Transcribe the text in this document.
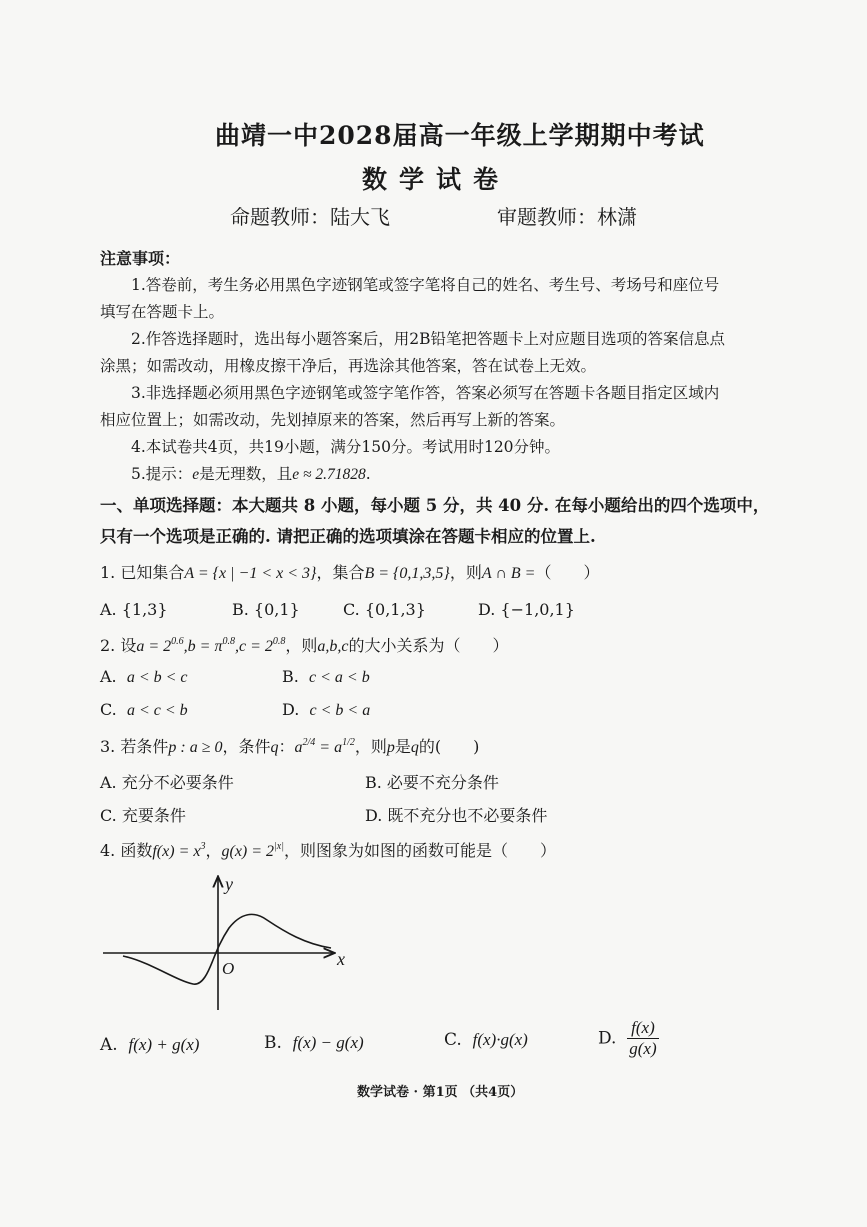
曲靖一中2028届高一年级上学期期中考试
数学试卷
命题教师：陆大飞	审题教师：林潇
注意事项：
1.答卷前，考生务必用黑色字迹钢笔或签字笔将自己的姓名、考生号、考场号和座位号
填写在答题卡上。
2.作答选择题时，选出每小题答案后，用2B铅笔把答题卡上对应题目选项的答案信息点
涂黑；如需改动，用橡皮擦干净后，再选涂其他答案，答在试卷上无效。
3.非选择题必须用黑色字迹钢笔或签字笔作答，答案必须写在答题卡各题目指定区域内
相应位置上；如需改动，先划掉原来的答案，然后再写上新的答案。
4.本试卷共4页，共19小题，满分150分。考试用时120分钟。
5.提示：e是无理数，且e ≈ 2.71828.
一、单项选择题：本大题共 8 小题，每小题 5 分，共 40 分. 在每小题给出的四个选项中，
只有一个选项是正确的. 请把正确的选项填涂在答题卡相应的位置上.
1. 已知集合A = {x | −1 < x < 3}，集合B = {0,1,3,5}，则A ∩ B =（　　）
A. {1,3}	B. {0,1}	C. {0,1,3}	D. {−1,0,1}
2. 设$a = 2^{0.6},b = \pi^{0.8},c = 2^{0.8}$，则a,b,c的大小关系为（　　）
A. a < b < c	B. c < a < b
C. a < c < b	D. c < b < a
3. 若条件p : a ≥ 0，条件q：$a^{2/4} = a^{1/2}$，则p是q的(　　)
A. 充分不必要条件	B. 必要不充分条件
C. 充要条件	D. 既不充分也不必要条件
4. 函数$f(x) = x^3$，$g(x) = 2^{|x|}$，则图象为如图的函数可能是（　　）
x
y
O
A. f(x) + g(x)	B. f(x) − g(x)	C. f(x)·g(x)	D. $\frac{f(x)}{g(x)}$
数学试卷 · 第1页 （共4页）
